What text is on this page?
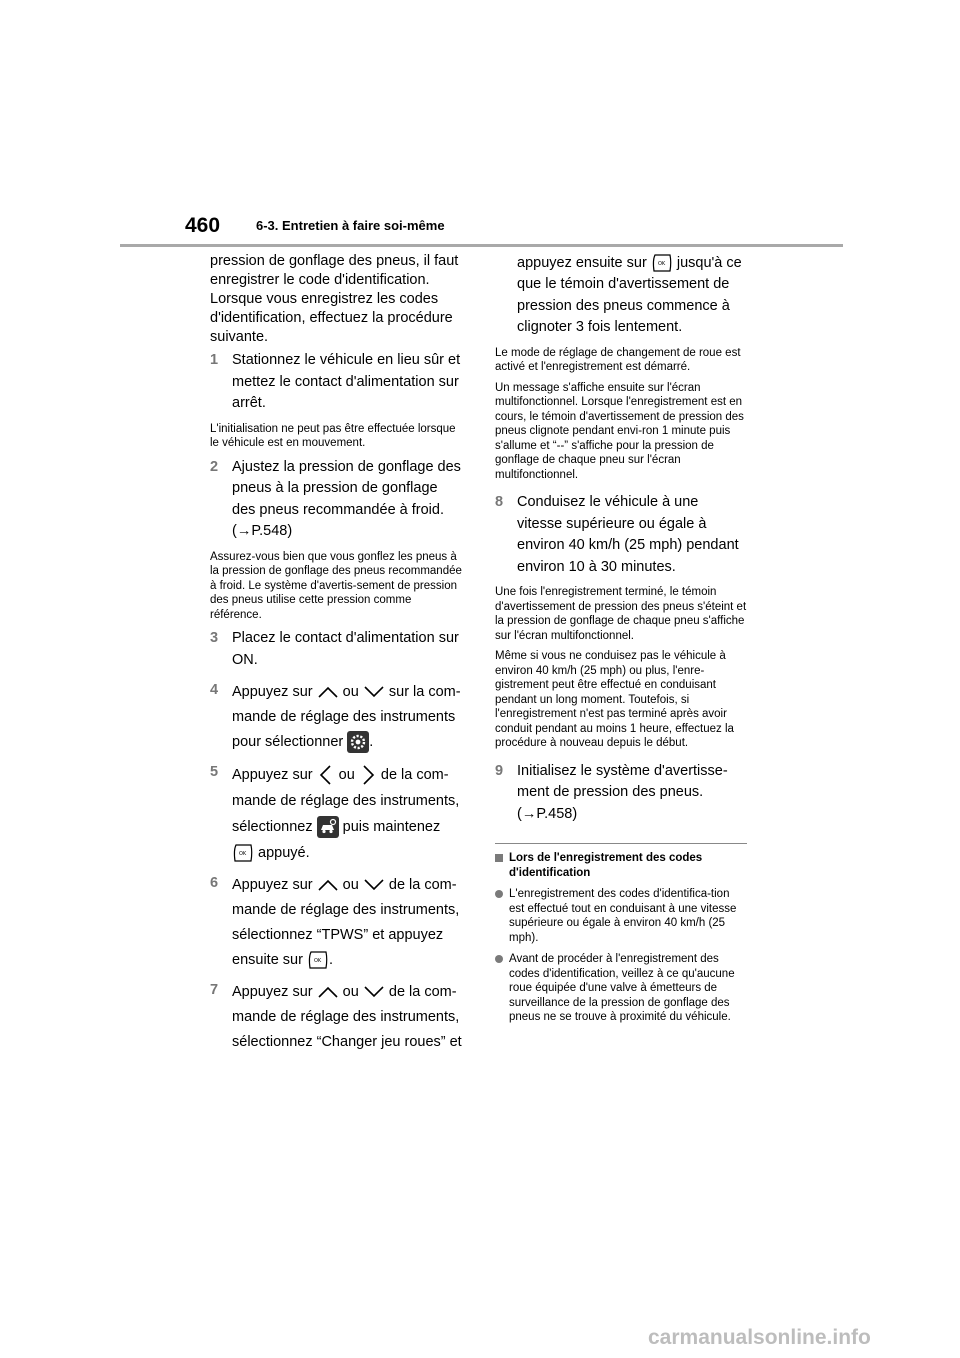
460	6-3. Entretien à faire soi-même

pression de gonflage des pneus, il faut enregistrer le code d'identification. Lorsque vous enregistrez les codes d'identification, effectuez la procédure suivante.

1 Stationnez le véhicule en lieu sûr et mettez le contact d'alimentation sur arrêt.

L'initialisation ne peut pas être effectuée lorsque le véhicule est en mouvement.

2 Ajustez la pression de gonflage des pneus à la pression de gonflage des pneus recommandée à froid.
(→P.548)

Assurez-vous bien que vous gonflez les pneus à la pression de gonflage des pneus recommandée à froid. Le système d'avertis-sement de pression des pneus utilise cette pression comme référence.

3 Placez le contact d'alimentation sur ON.
4 Appuyez sur ou sur la com-
mande de réglage des instruments
pour sélectionner .
5 Appuyez sur ou de la com-
mande de réglage des instruments,
sélectionnez puis maintenez

OK appuyé.
6 Appuyez sur ou de la com-
mande de réglage des instruments,
sélectionnez “TPWS” et appuyez
ensuite sur OK .
7 Appuyez sur ou de la com-
mande de réglage des instruments,
sélectionnez “Changer jeu roues” et
appuyez ensuite sur OK jusqu'à ce
que le témoin d'avertissement de pression des pneus commence à clignoter 3 fois lentement.

Le mode de réglage de changement de roue est activé et l'enregistrement est démarré.

Un message s'affiche ensuite sur l'écran multifonctionnel. Lorsque l'enregistrement est en cours, le témoin d'avertissement de pression des pneus clignote pendant envi-ron 1 minute puis s'allume et “--” s'affiche pour la pression de gonflage de chaque pneu sur l'écran multifonctionnel.

8 Conduisez le véhicule à une vitesse supérieure ou égale à environ 40 km/h (25 mph) pendant environ 10 à 30 minutes.

Une fois l'enregistrement terminé, le témoin d'avertissement de pression des pneus s'éteint et la pression de gonflage de chaque pneu s'affiche sur l'écran multifonctionnel.

Même si vous ne conduisez pas le véhicule à environ 40 km/h (25 mph) ou plus, l'enre-gistrement peut être effectué en conduisant pendant un long moment. Toutefois, si l'enregistrement n'est pas terminé après avoir conduit pendant au moins 1 heure, effectuez la procédure à nouveau depuis le début.

9 Initialisez le système d'avertisse-ment de pression des pneus.
(→P.458)
Lors de l'enregistrement des codes d'identification
L'enregistrement des codes d'identifica-tion est effectué tout en conduisant à une vitesse supérieure ou égale à environ 40 km/h (25 mph).
Avant de procéder à l'enregistrement des codes d'identification, veillez à ce qu'aucune roue équipée d'une valve à émetteurs de surveillance de la pression de gonflage des pneus ne se trouve à proximité du véhicule.
carmanualsonline.info
